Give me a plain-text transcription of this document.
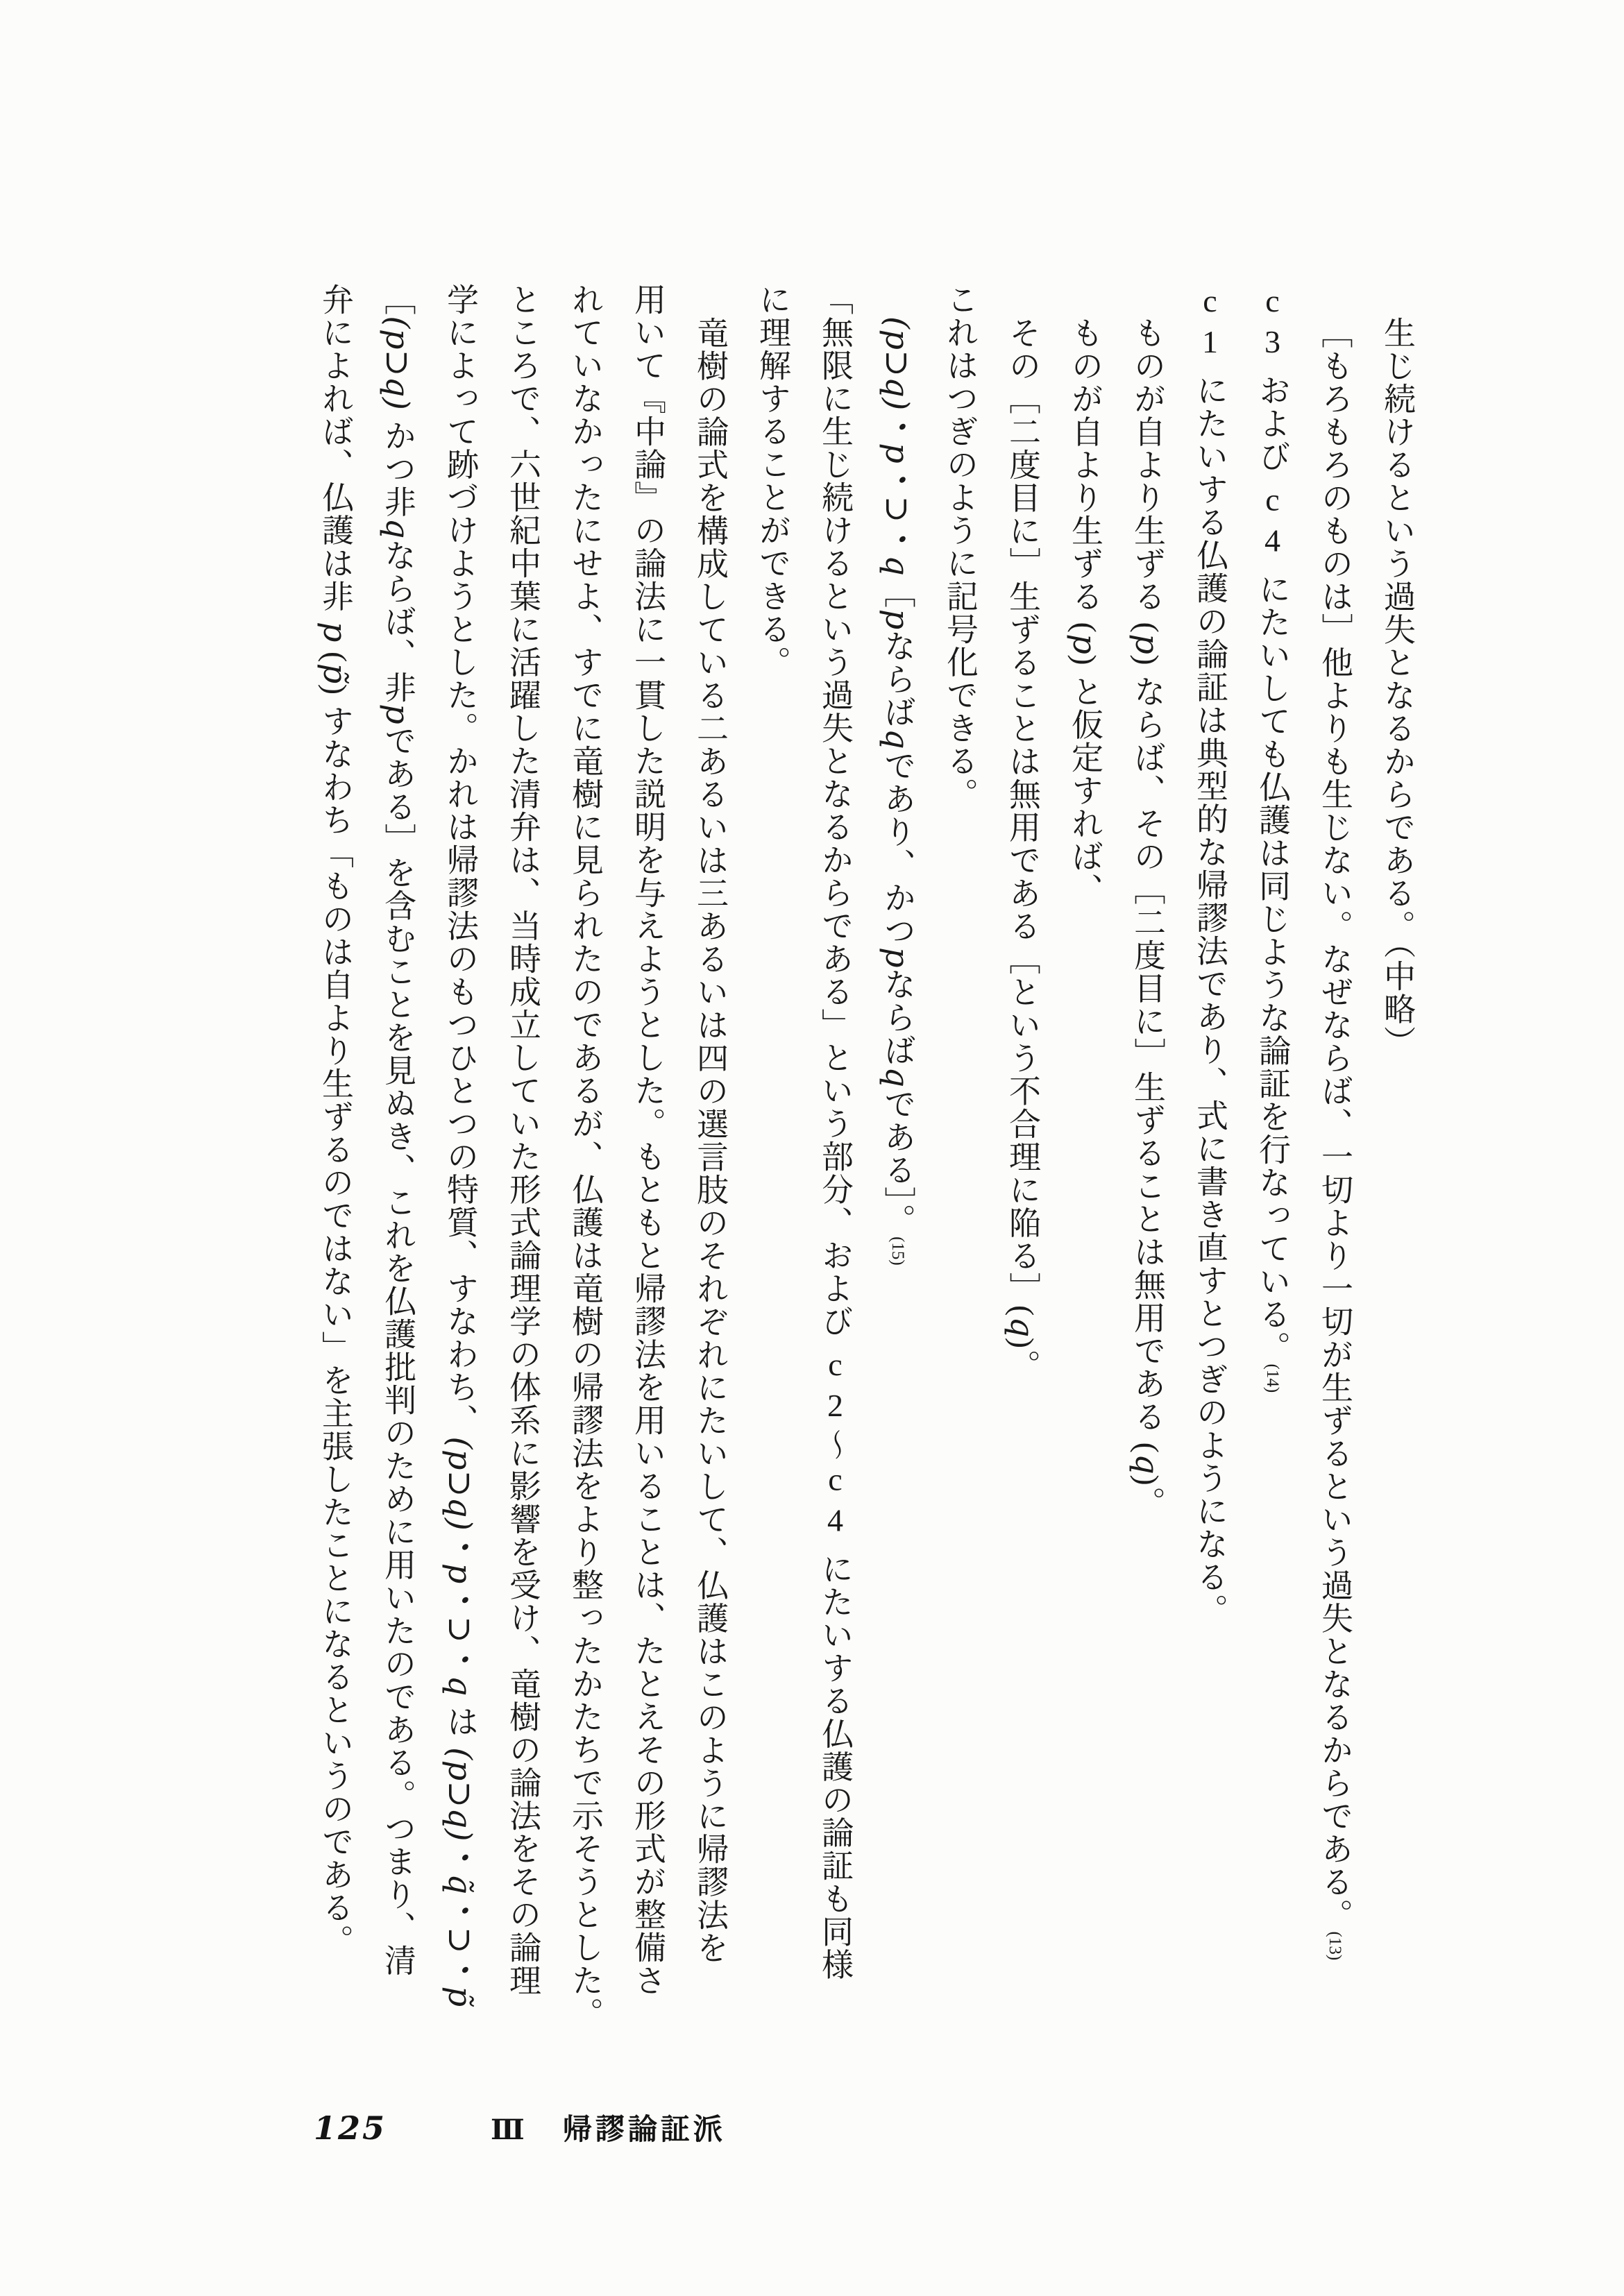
生じ続けるという過失となるからである。（中略）
［もろもろのものは］他よりも生じない。なぜならば、一切より一切が生ずるという過失となるからである。(13)
c3 および c4 にたいしても仏護は同じような論証を行なっている。(14)
c1 にたいする仏護の論証は典型的な帰謬法であり、式に書き直すとつぎのようになる。
ものが自より生ずる (p) ならば、その［二度目に］生ずることは無用である (q)。
ものが自より生ずる (p) と仮定すれば、
その［二度目に］生ずることは無用である［という不合理に陥る］(q)。
これはつぎのように記号化できる。
(p⊃q)・p・⊃・q［pならばqであり、かつpならばqである］。(15)
「無限に生じ続けるという過失となるからである」という部分、および c2〜c4 にたいする仏護の論証も同様
に理解することができる。
竜樹の論式を構成している二あるいは三あるいは四の選言肢のそれぞれにたいして、仏護はこのように帰謬法を
用いて『中論』の論法に一貫した説明を与えようとした。もともと帰謬法を用いることは、たとえその形式が整備さ
れていなかったにせよ、すでに竜樹に見られたのであるが、仏護は竜樹の帰謬法をより整ったかたちで示そうとした。
ところで、六世紀中葉に活躍した清弁は、当時成立していた形式論理学の体系に影響を受け、竜樹の論法をその論理
学によって跡づけようとした。かれは帰謬法のもつひとつの特質、すなわち、(p⊃q)・p・⊃・q は (p⊃q)・q̃・⊃・p̃
［(p⊃q) かつ非qならば、非pである］を含むことを見ぬき、これを仏護批判のために用いたのである。つまり、清
弁によれば、仏護は非 p (p̃) すなわち「ものは自より生ずるのではない」を主張したことになるというのである。
125	Ⅲ 帰謬論証派
